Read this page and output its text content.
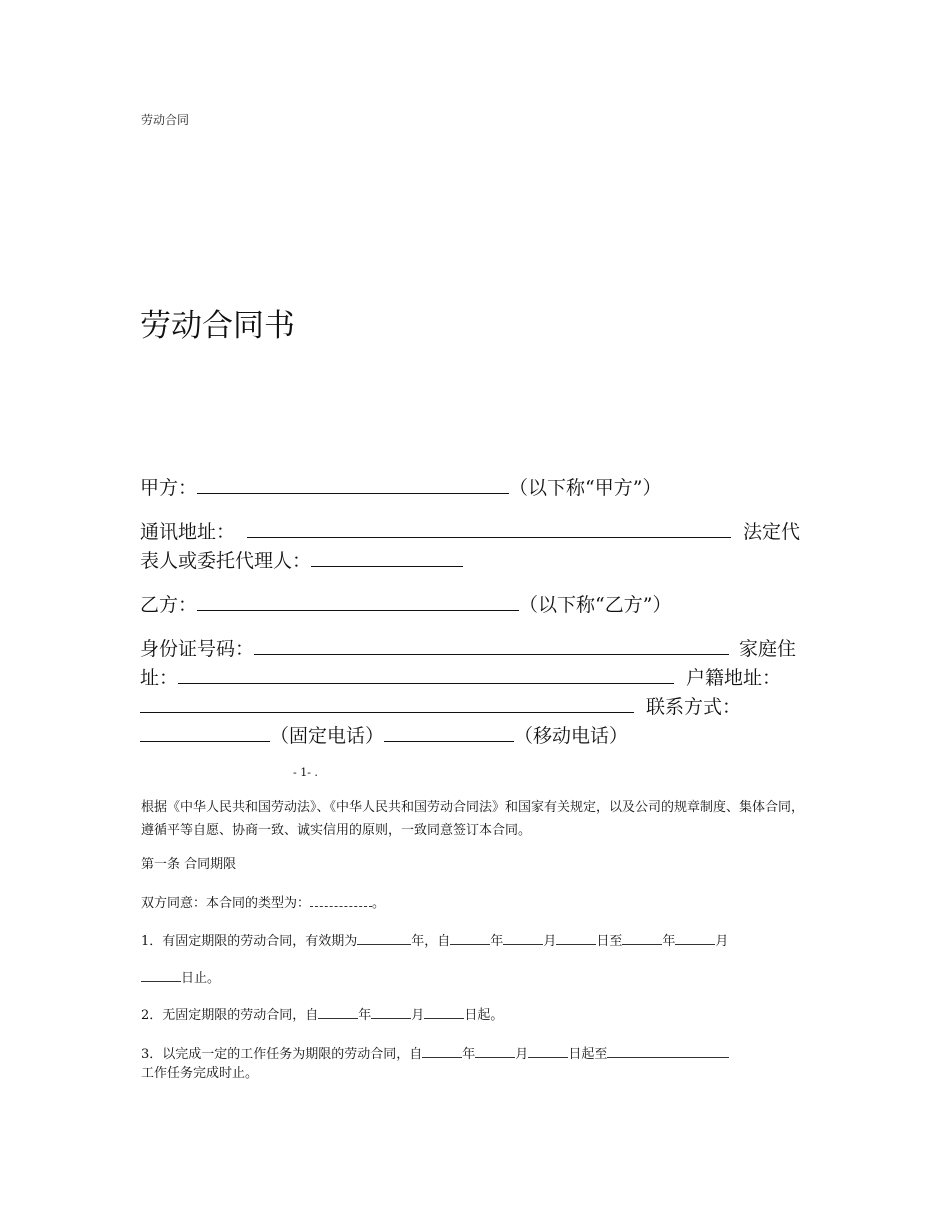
劳动合同
劳动合同书
甲方：	（以下称“甲方”）
通讯地址：	法定代
表人或委托代理人：
乙方：	（以下称“乙方”）
身份证号码：	家庭住
址：	户籍地址：
联系方式：
（固定电话）	（移动电话）
- 1- .
根据《中华人民共和国劳动法》、《中华人民共和国劳动合同法》和国家有关规定，以及公司的规章制度、集体合同，遵循平等自愿、协商一致、诚实信用的原则，一致同意签订本合同。
第一条 合同期限
双方同意：本合同的类型为：	。
1．有固定期限的劳动合同，有效期为	年，自	年	月	日至	年	月
日止。
2．无固定期限的劳动合同，自	年	月	日起。
3．以完成一定的工作任务为期限的劳动合同，自	年	月	日起至
工作任务完成时止。
